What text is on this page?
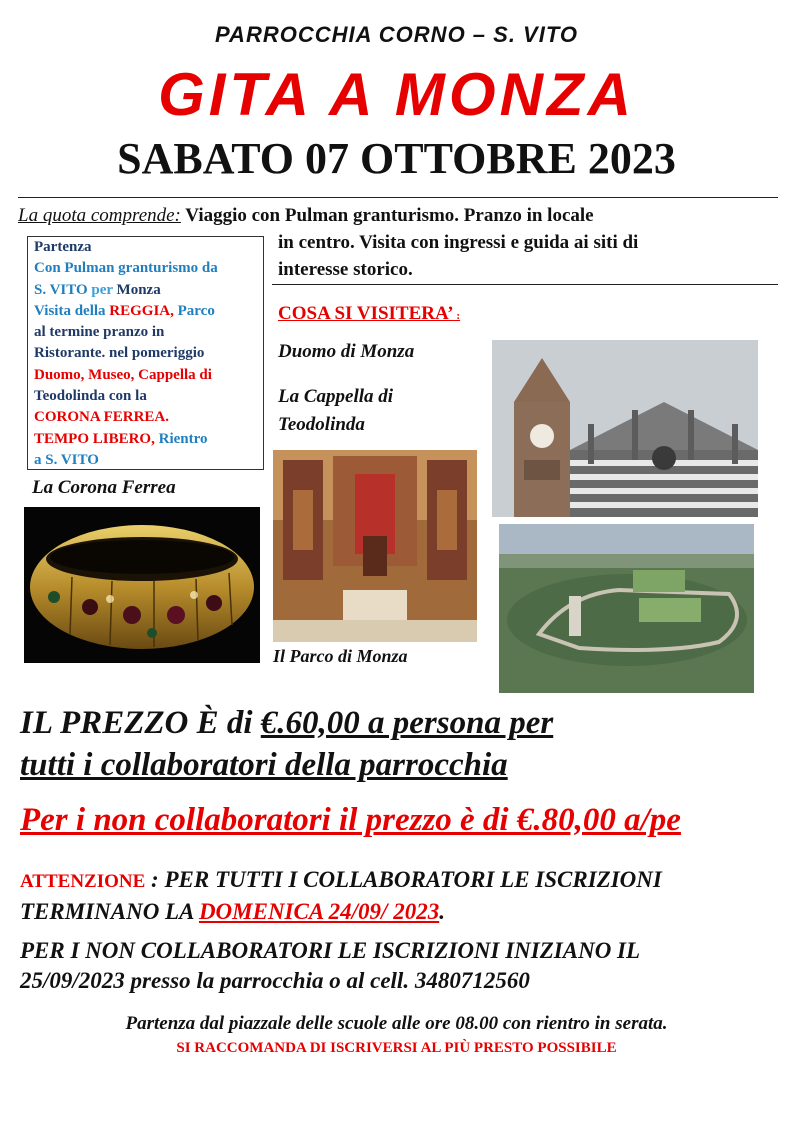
PARROCCHIA CORNO – S. VITO
GITA A MONZA
SABATO 07 OTTOBRE 2023
La quota comprende: Viaggio con Pulman granturismo. Pranzo in locale
in centro. Visita con ingressi e guida ai siti di
interesse storico.
Partenza
Con Pulman granturismo da
S. VITO per Monza
Visita della REGGIA, Parco
al termine pranzo in
Ristorante. nel pomeriggio
Duomo, Museo, Cappella di
Teodolinda con la
CORONA FERREA.
TEMPO LIBERO, Rientro
a S. VITO
COSA SI VISITERA’ :
Duomo di Monza
La Cappella di
Teodolinda
La Corona Ferrea
Il Parco di Monza
IL PREZZO È di €.60,00 a persona per
tutti i collaboratori della parrocchia
Per i non collaboratori il prezzo è di €.80,00 a/pe
ATTENZIONE : PER TUTTI I COLLABORATORI LE ISCRIZIONI TERMINANO LA DOMENICA 24/09/ 2023.
PER I NON COLLABORATORI LE ISCRIZIONI INIZIANO IL
25/09/2023 presso la parrocchia o al cell. 3480712560
Partenza dal piazzale delle scuole alle ore 08.00 con rientro in serata.
SI RACCOMANDA DI ISCRIVERSI AL PIÙ PRESTO POSSIBILE
